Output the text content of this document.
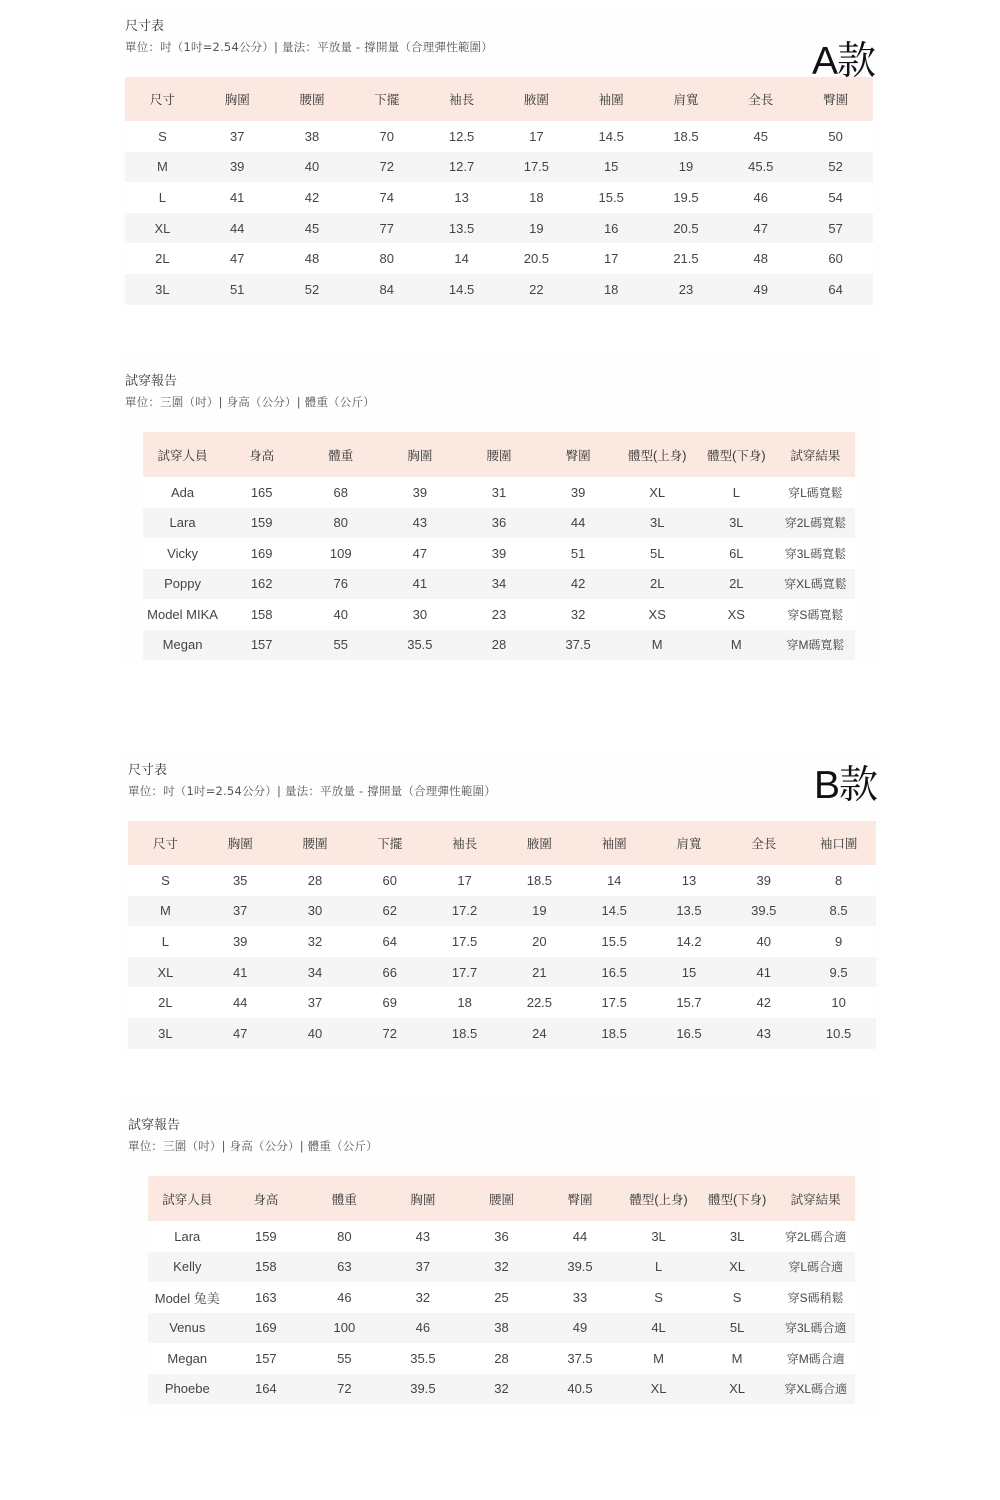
尺寸表
單位：吋（1吋=2.54公分）| 量法：平放量 - 撐開量（合理彈性範圍）	A款
尺寸	胸圍	腰圍	下擺	袖長	腋圍	袖圍	肩寬	全長	臀圍
S	37	38	70	12.5	17	14.5	18.5	45	50
M	39	40	72	12.7	17.5	15	19	45.5	52
L	41	42	74	13	18	15.5	19.5	46	54
XL	44	45	77	13.5	19	16	20.5	47	57
2L	47	48	80	14	20.5	17	21.5	48	60
3L	51	52	84	14.5	22	18	23	49	64
試穿報告
單位：三圍（吋）| 身高（公分）| 體重（公斤）
試穿人員	身高	體重	胸圍	腰圍	臀圍	體型(上身)	體型(下身)	試穿結果
Ada	165	68	39	31	39	XL	L	穿L碼寬鬆
Lara	159	80	43	36	44	3L	3L	穿2L碼寬鬆
Vicky	169	109	47	39	51	5L	6L	穿3L碼寬鬆
Poppy	162	76	41	34	42	2L	2L	穿XL碼寬鬆
Model MIKA	158	40	30	23	32	XS	XS	穿S碼寬鬆
Megan	157	55	35.5	28	37.5	M	M	穿M碼寬鬆
尺寸表
單位：吋（1吋=2.54公分）| 量法：平放量 - 撐開量（合理彈性範圍）	B款
尺寸	胸圍	腰圍	下擺	袖長	腋圍	袖圍	肩寬	全長	袖口圍
S	35	28	60	17	18.5	14	13	39	8
M	37	30	62	17.2	19	14.5	13.5	39.5	8.5
L	39	32	64	17.5	20	15.5	14.2	40	9
XL	41	34	66	17.7	21	16.5	15	41	9.5
2L	44	37	69	18	22.5	17.5	15.7	42	10
3L	47	40	72	18.5	24	18.5	16.5	43	10.5
試穿報告
單位：三圍（吋）| 身高（公分）| 體重（公斤）
試穿人員	身高	體重	胸圍	腰圍	臀圍	體型(上身)	體型(下身)	試穿結果
Lara	159	80	43	36	44	3L	3L	穿2L碼合適
Kelly	158	63	37	32	39.5	L	XL	穿L碼合適
Model 兔美	163	46	32	25	33	S	S	穿S碼稍鬆
Venus	169	100	46	38	49	4L	5L	穿3L碼合適
Megan	157	55	35.5	28	37.5	M	M	穿M碼合適
Phoebe	164	72	39.5	32	40.5	XL	XL	穿XL碼合適
